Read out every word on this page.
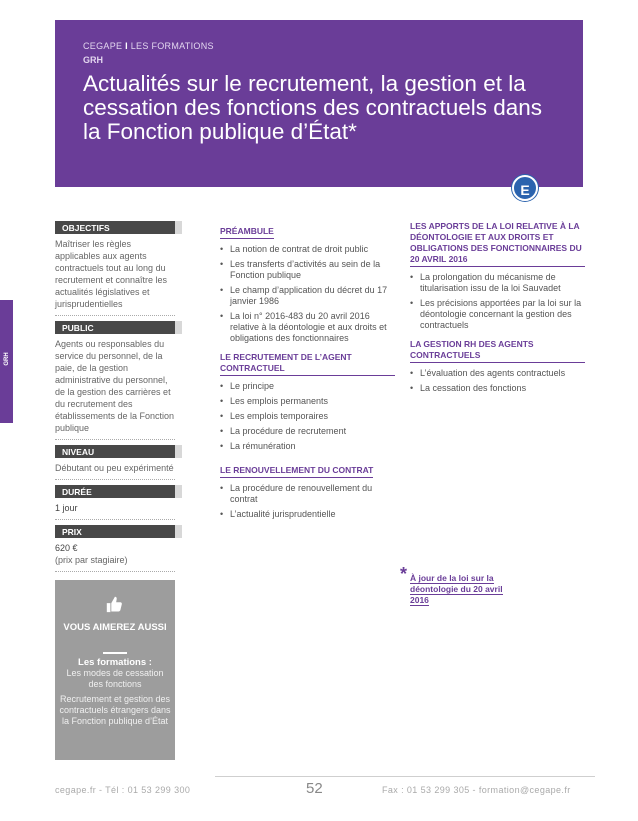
CEGAPE I LES FORMATIONS
GRH
Actualités sur le recrutement, la gestion et la cessation des fonctions des contractuels dans la Fonction publique d’État*
E
GRH
OBJECTIFS
Maîtriser les règles applicables aux agents contractuels tout au long du recrutement et connaître les actualités législatives et jurisprudentielles
PUBLIC
Agents ou responsables du service du personnel, de la paie, de la gestion administrative du personnel, de la gestion des carrières et du recrutement des établissements de la Fonction publique
NIVEAU
Débutant ou peu expérimenté
DURÉE
1 jour
PRIX
620 €
(prix par stagiaire)
VOUS AIMEREZ AUSSI
Les formations :
Les modes de cessation des fonctions
Recrutement et gestion des contractuels étrangers dans la Fonction publique d’État
PRÉAMBULE
• La notion de contrat de droit public
• Les transferts d’activités au sein de la Fonction publique
• Le champ d’application du décret du 17 janvier 1986
• La loi n° 2016-483 du 20 avril 2016 relative à la déontologie et aux droits et obligations des fonctionnaires
LE RECRUTEMENT DE L’AGENT CONTRACTUEL
• Le principe
• Les emplois permanents
• Les emplois temporaires
• La procédure de recrutement
• La rémunération
LE RENOUVELLEMENT DU CONTRAT
• La procédure de renouvellement du contrat
• L’actualité jurisprudentielle
LES APPORTS DE LA LOI RELATIVE À LA DÉONTOLOGIE ET AUX DROITS ET OBLIGATIONS DES FONCTIONNAIRES DU 20 AVRIL 2016
• La prolongation du mécanisme de titularisation issu de la loi Sauvadet
• Les précisions apportées par la loi sur la déontologie concernant la gestion des contractuels
LA GESTION RH DES AGENTS CONTRACTUELS
• L’évaluation des agents contractuels
• La cessation des fonctions
* À jour de la loi sur la déontologie du 20 avril 2016
cegape.fr - Tél : 01 53 299 300	52	Fax : 01 53 299 305 - formation@cegape.fr
